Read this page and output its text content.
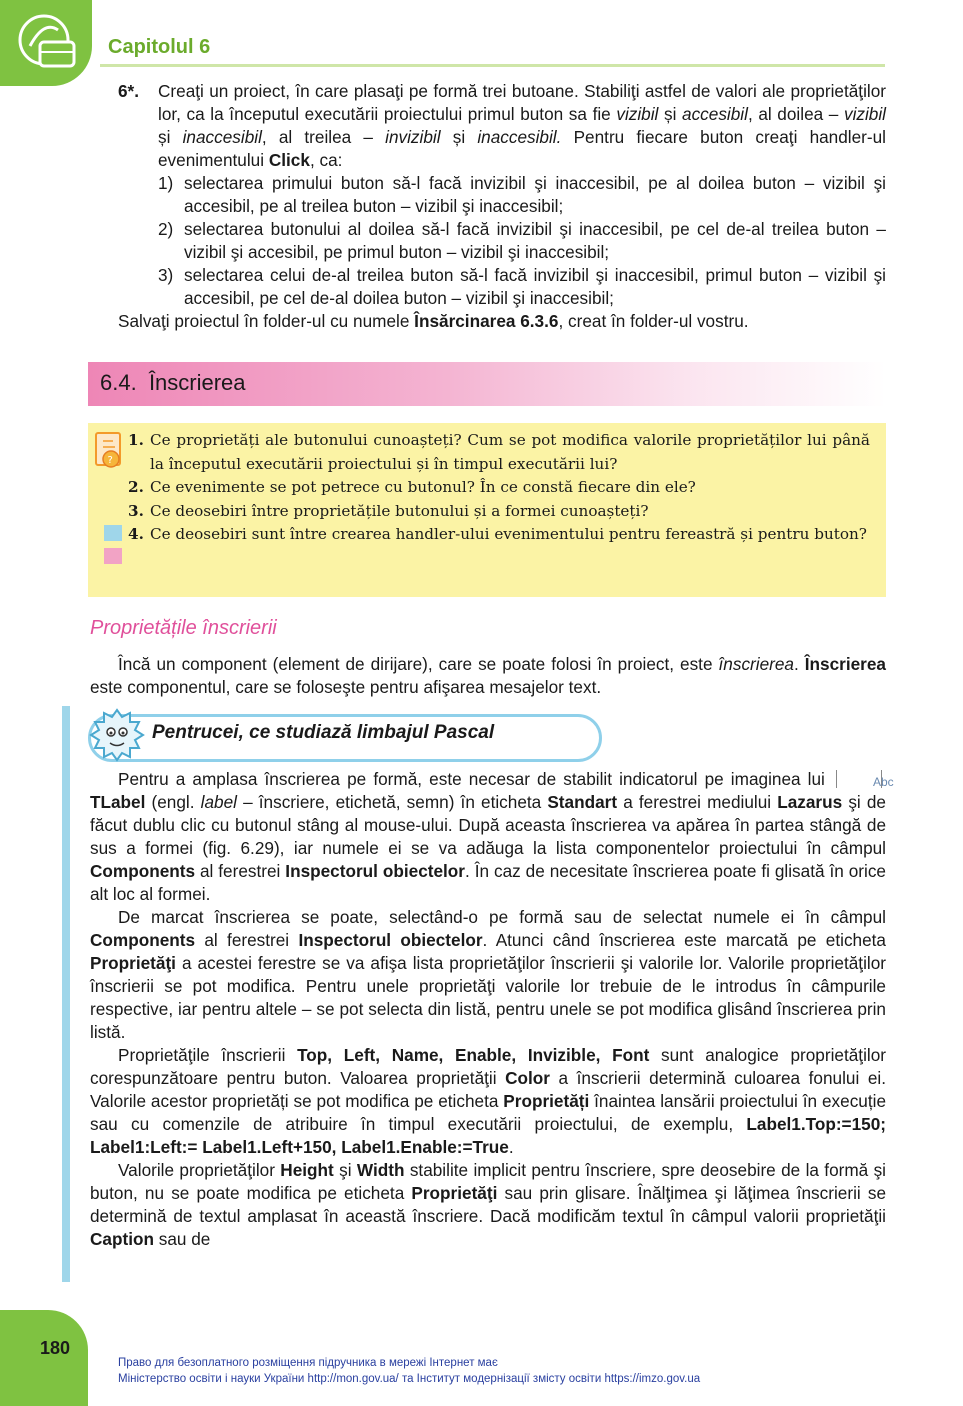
Capitolul 6
6*. Creaţi un proiect, în care plasaţi pe formă trei butoane. Stabiliţi astfel de valori ale proprietăţilor lor, ca la începutul executării proiectului primul buton sa fie vizibil și accesibil, al doilea – vizibil și inaccesibil, al treilea – invizibil și inaccesibil. Pentru fiecare buton creaţi handler-ul evenimentului Click, ca:

1) selectarea primului buton să-l facă invizibil şi inaccesibil, pe al doilea buton – vizibil şi accesibil, pe al treilea buton – vizibil şi inaccesibil;
2) selectarea butonului al doilea să-l facă invizibil şi inaccesibil, pe cel de-al treilea buton – vizibil şi accesibil, pe primul buton – vizibil şi inaccesibil;
3) selectarea celui de-al treilea buton să-l facă invizibil şi inaccesibil, primul buton – vizibil şi accesibil, pe cel de-al doilea buton – vizibil şi inaccesibil;

Salvaţi proiectul în folder-ul cu numele Însărcinarea 6.3.6, creat în folder-ul vostru.

6.4. Înscrierea
?
1. Ce proprietăți ale butonului cunoașteți? Cum se pot modifica valorile proprietăților lui până la începutul executării proiectului și în timpul executării lui?
2. Ce evenimente se pot petrece cu butonul? În ce constă fiecare din ele?
3. Ce deosebiri între proprietățile butonului și a formei cunoașteți?
4. Ce deosebiri sunt între crearea handler-ului evenimentului pentru fereastră și pentru buton?
Proprietățile înscrierii

Încă un component (element de dirijare), care se poate folosi în proiect, este înscrierea. Înscrierea este componentul, care se foloseşte pentru afişarea mesajelor text.

Pentrucei, ce studiază limbajul Pascal

Pentru a amplasa înscrierea pe formă, este necesar de stabilit indicatorul pe imaginea lui	Abc
TLabel (engl. label – înscriere, etichetă, semn) în eticheta Standart a ferestrei mediului Lazarus şi de făcut dublu clic cu butonul stâng al mouse-ului. După aceasta înscrierea va apărea în partea stângă de sus a formei (fig. 6.29), iar numele ei se va adăuga la lista componentelor proiectului în câmpul Components al ferestrei Inspectorul obiectelor. În caz de necesitate înscrierea poate fi glisată în orice alt loc al formei.

De marcat înscrierea se poate, selectând-o pe formă sau de selectat numele ei în câmpul Components al ferestrei Inspectorul obiectelor. Atunci când înscrierea este marcată pe eticheta Proprietăţi a acestei ferestre se va afişa lista proprietăţilor înscrierii şi valorile lor. Valorile proprietăţilor înscrierii se pot modifica. Pentru unele proprietăţi valorile lor trebuie de le introdus în câmpurile respective, iar pentru altele – se pot selecta din listă, pentru unele se pot modifica glisând înscrierea prin listă.

Proprietăţile înscrierii Top, Left, Name, Enable, Invizible, Font sunt analogice proprietăţilor corespunzătoare pentru buton. Valoarea proprietăţii Color a înscrierii determină culoarea fonului ei. Valorile acestor proprietăți se pot modifica pe eticheta Proprietăți înaintea lansării proiectului în execuție sau cu comenzile de atribuire în timpul executării proiectului, de exemplu, Label1.Top:=150; Label1:Left:= Label1.Left+150, Label1.Enable:=True.

Valorile proprietăţilor Height şi Width stabilite implicit pentru înscriere, spre deosebire de la formă şi buton, nu se poate modifica pe eticheta Proprietăţi sau prin glisare. Înălţimea şi lăţimea înscrierii se determină de textul amplasat în această înscriere. Dacă modificăm textul în câmpul valorii proprietăţii Caption sau de

180
Право для безоплатного розміщення підручника в мережі Інтернет має
Міністерство освіти і науки України http://mon.gov.ua/ та Інститут модернізації змісту освіти https://imzo.gov.ua
